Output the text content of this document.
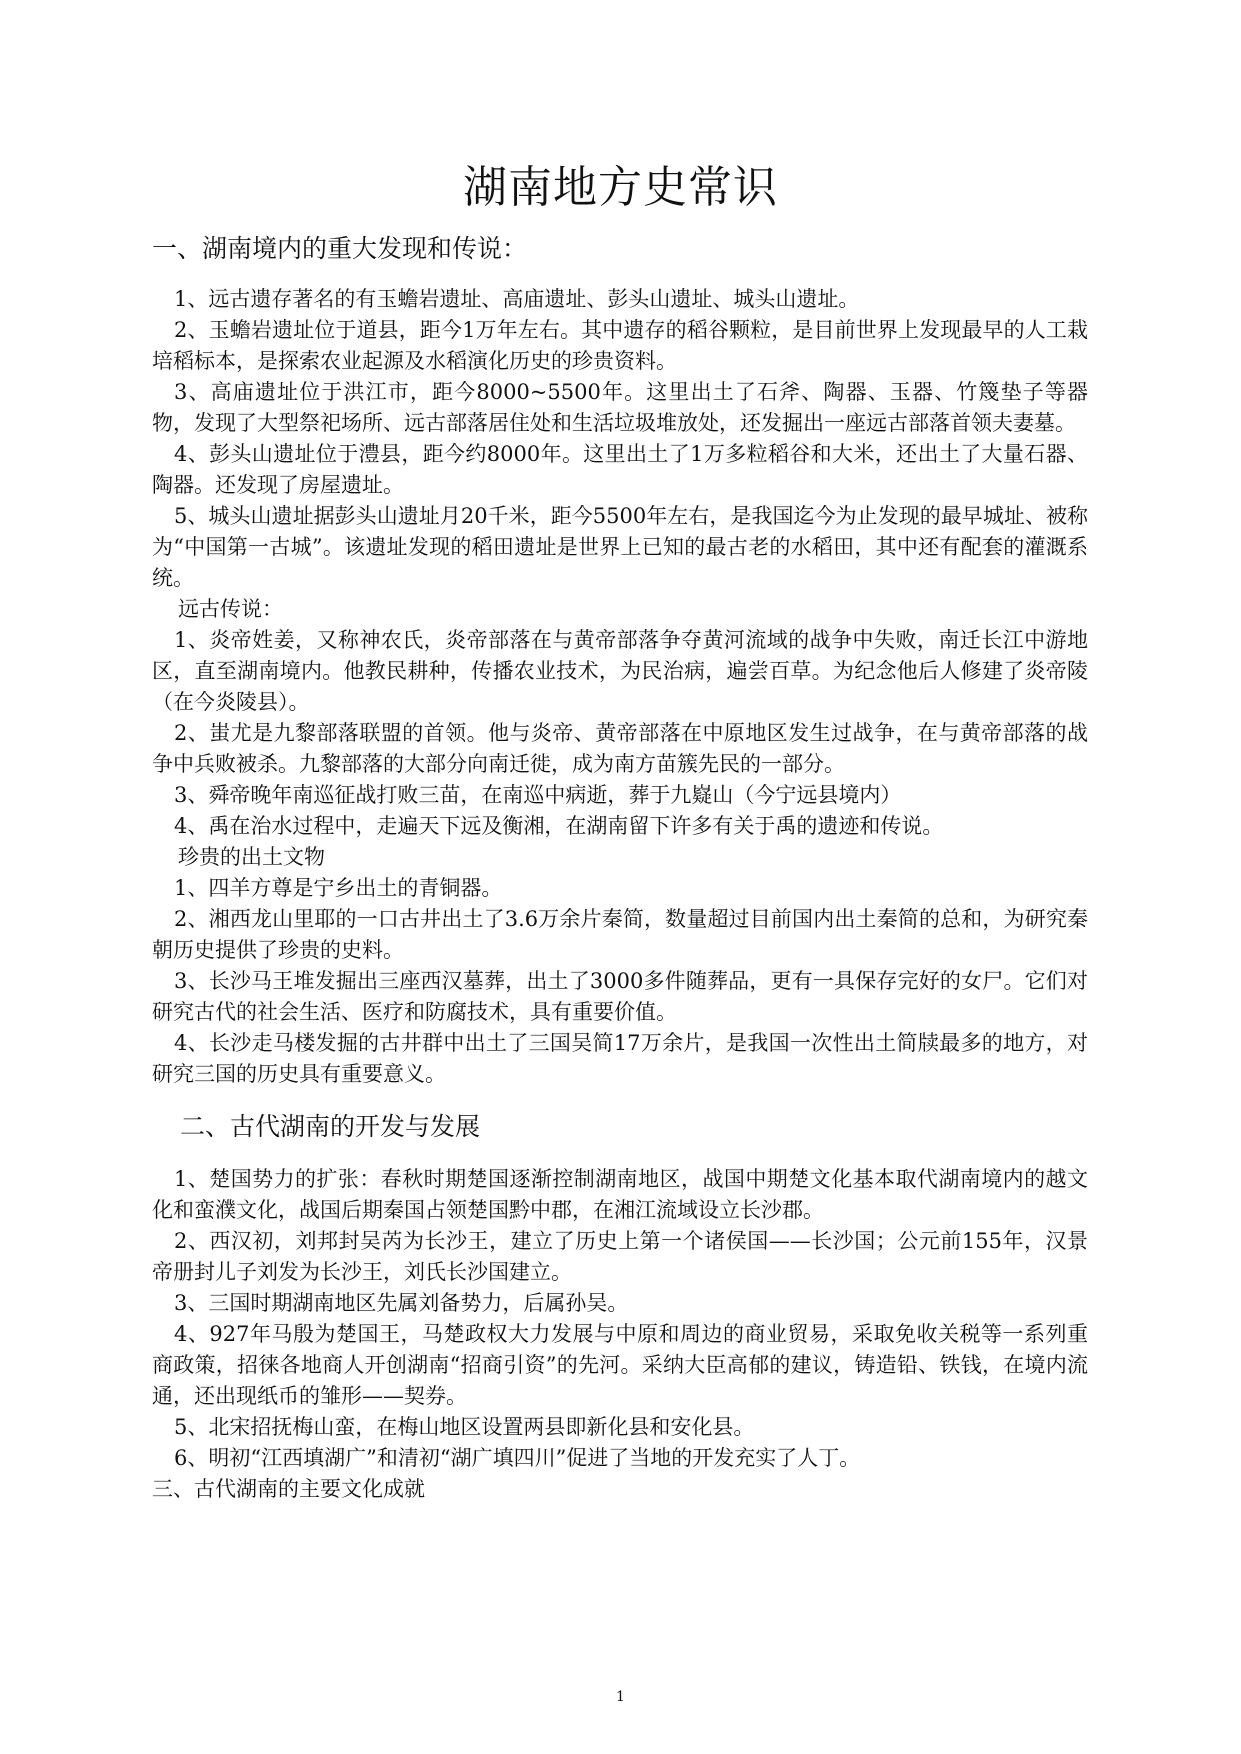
湖南地方史常识
一、湖南境内的重大发现和传说：

1、远古遗存著名的有玉蟾岩遗址、高庙遗址、彭头山遗址、城头山遗址。

2、玉蟾岩遗址位于道县，距今1万年左右。其中遗存的稻谷颗粒，是目前世界上发现最早的人工栽培稻标本，是探索农业起源及水稻演化历史的珍贵资料。

3、高庙遗址位于洪江市，距今8000~5500年。这里出土了石斧、陶器、玉器、竹篾垫子等器物，发现了大型祭祀场所、远古部落居住处和生活垃圾堆放处，还发掘出一座远古部落首领夫妻墓。

4、彭头山遗址位于澧县，距今约8000年。这里出土了1万多粒稻谷和大米，还出土了大量石器、陶器。还发现了房屋遗址。

5、城头山遗址据彭头山遗址月20千米，距今5500年左右，是我国迄今为止发现的最早城址、被称为“中国第一古城”。该遗址发现的稻田遗址是世界上已知的最古老的水稻田，其中还有配套的灌溉系统。

远古传说：

1、炎帝姓姜，又称神农氏，炎帝部落在与黄帝部落争夺黄河流域的战争中失败，南迁长江中游地区，直至湖南境内。他教民耕种，传播农业技术，为民治病，遍尝百草。为纪念他后人修建了炎帝陵（在今炎陵县）。

2、蚩尤是九黎部落联盟的首领。他与炎帝、黄帝部落在中原地区发生过战争，在与黄帝部落的战争中兵败被杀。九黎部落的大部分向南迁徙，成为南方苗簇先民的一部分。

3、舜帝晚年南巡征战打败三苗，在南巡中病逝，葬于九嶷山（今宁远县境内）

4、禹在治水过程中，走遍天下远及衡湘，在湖南留下许多有关于禹的遗迹和传说。

珍贵的出土文物

1、四羊方尊是宁乡出土的青铜器。

2、湘西龙山里耶的一口古井出土了3.6万余片秦简，数量超过目前国内出土秦简的总和，为研究秦朝历史提供了珍贵的史料。

3、长沙马王堆发掘出三座西汉墓葬，出土了3000多件随葬品，更有一具保存完好的女尸。它们对研究古代的社会生活、医疗和防腐技术，具有重要价值。

4、长沙走马楼发掘的古井群中出土了三国吴简17万余片，是我国一次性出土简牍最多的地方，对研究三国的历史具有重要意义。

二、古代湖南的开发与发展

1、楚国势力的扩张：春秋时期楚国逐渐控制湖南地区，战国中期楚文化基本取代湖南境内的越文化和蛮濮文化，战国后期秦国占领楚国黔中郡，在湘江流域设立长沙郡。

2、西汉初，刘邦封吴芮为长沙王，建立了历史上第一个诸侯国——长沙国；公元前155年，汉景帝册封儿子刘发为长沙王，刘氏长沙国建立。

3、三国时期湖南地区先属刘备势力，后属孙吴。

4、927年马殷为楚国王，马楚政权大力发展与中原和周边的商业贸易，采取免收关税等一系列重商政策，招徕各地商人开创湖南“招商引资”的先河。采纳大臣高郁的建议，铸造铅、铁钱，在境内流通，还出现纸币的雏形——契券。

5、北宋招抚梅山蛮，在梅山地区设置两县即新化县和安化县。

6、明初“江西填湖广”和清初“湖广填四川”促进了当地的开发充实了人丁。

三、古代湖南的主要文化成就

1
